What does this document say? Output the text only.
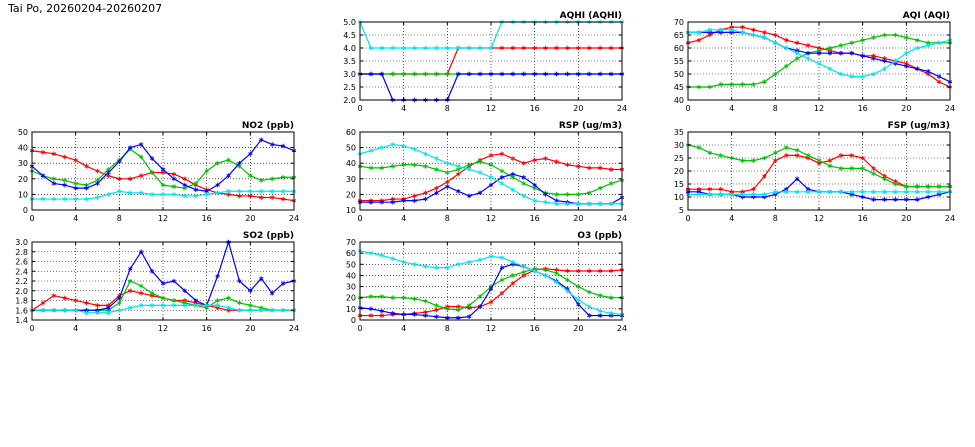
Tai Po, 20260204-20260207
2.0
2.5
3.0
3.5
4.0
4.5
5.0
0	4	8	12	16	20	24
AQHI (AQHI)
40
45
50
55
60
65
70
0	4	8	12	16	20	24
AQI (AQI)
0
10
20
30
40
50
0	4	8	12	16	20	24
NO2 (ppb)
10
20
30
40
50
60
0	4	8	12	16	20	24
RSP (ug/m3)
5
10
15
20
25
30
35
0	4	8	12	16	20	24
FSP (ug/m3)
1.4
1.6
1.8
2.0
2.2
2.4
2.6
2.8
3.0
0	4	8	12	16	20	24
SO2 (ppb)
0
10
20
30
40
50
60
70
0	4	8	12	16	20	24
O3 (ppb)
